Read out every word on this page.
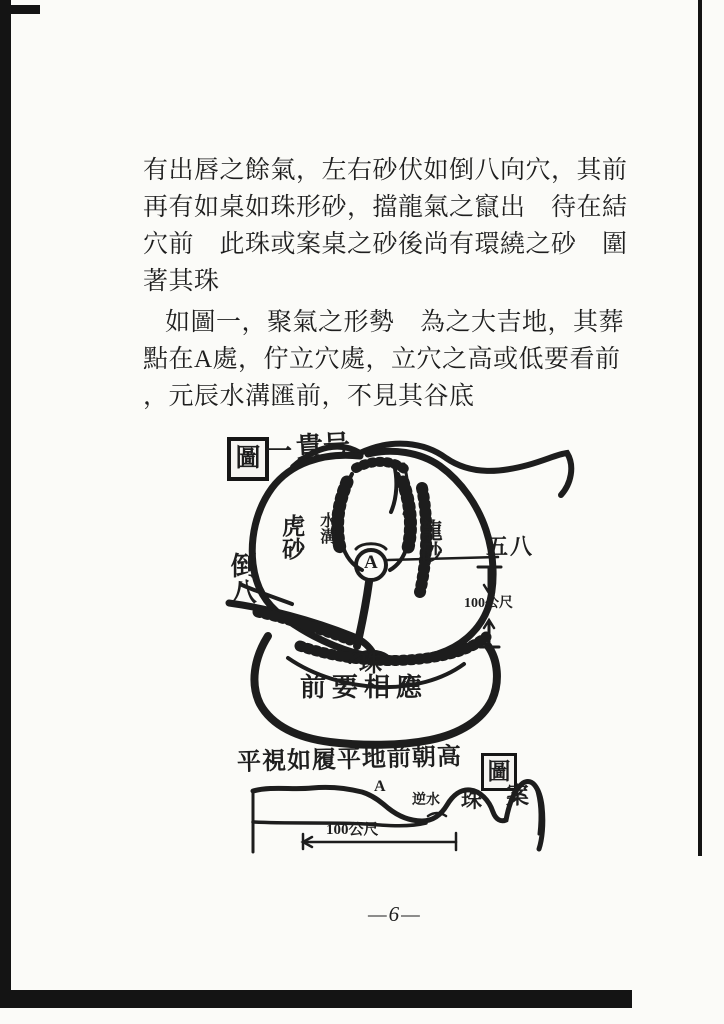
有出唇之餘氣，左右砂伏如倒八向穴，其前
再有如桌如珠形砂，擋龍氣之竄出　待在結
穴前　此珠或案桌之砂後尚有環繞之砂　圍
著其珠
如圖一，聚氣之形勢　為之大吉地，其葬
點在A處，佇立穴處，立穴之高或低要看前
，元辰水溝匯前，不見其谷底
圖 一 貴号
倒八
虎砂 水溝	龍砂
A
五八
100公尺
珠
前要相應
平視如履平地前朝高 圖
A
逆水 珠 案
100公尺
—6—
